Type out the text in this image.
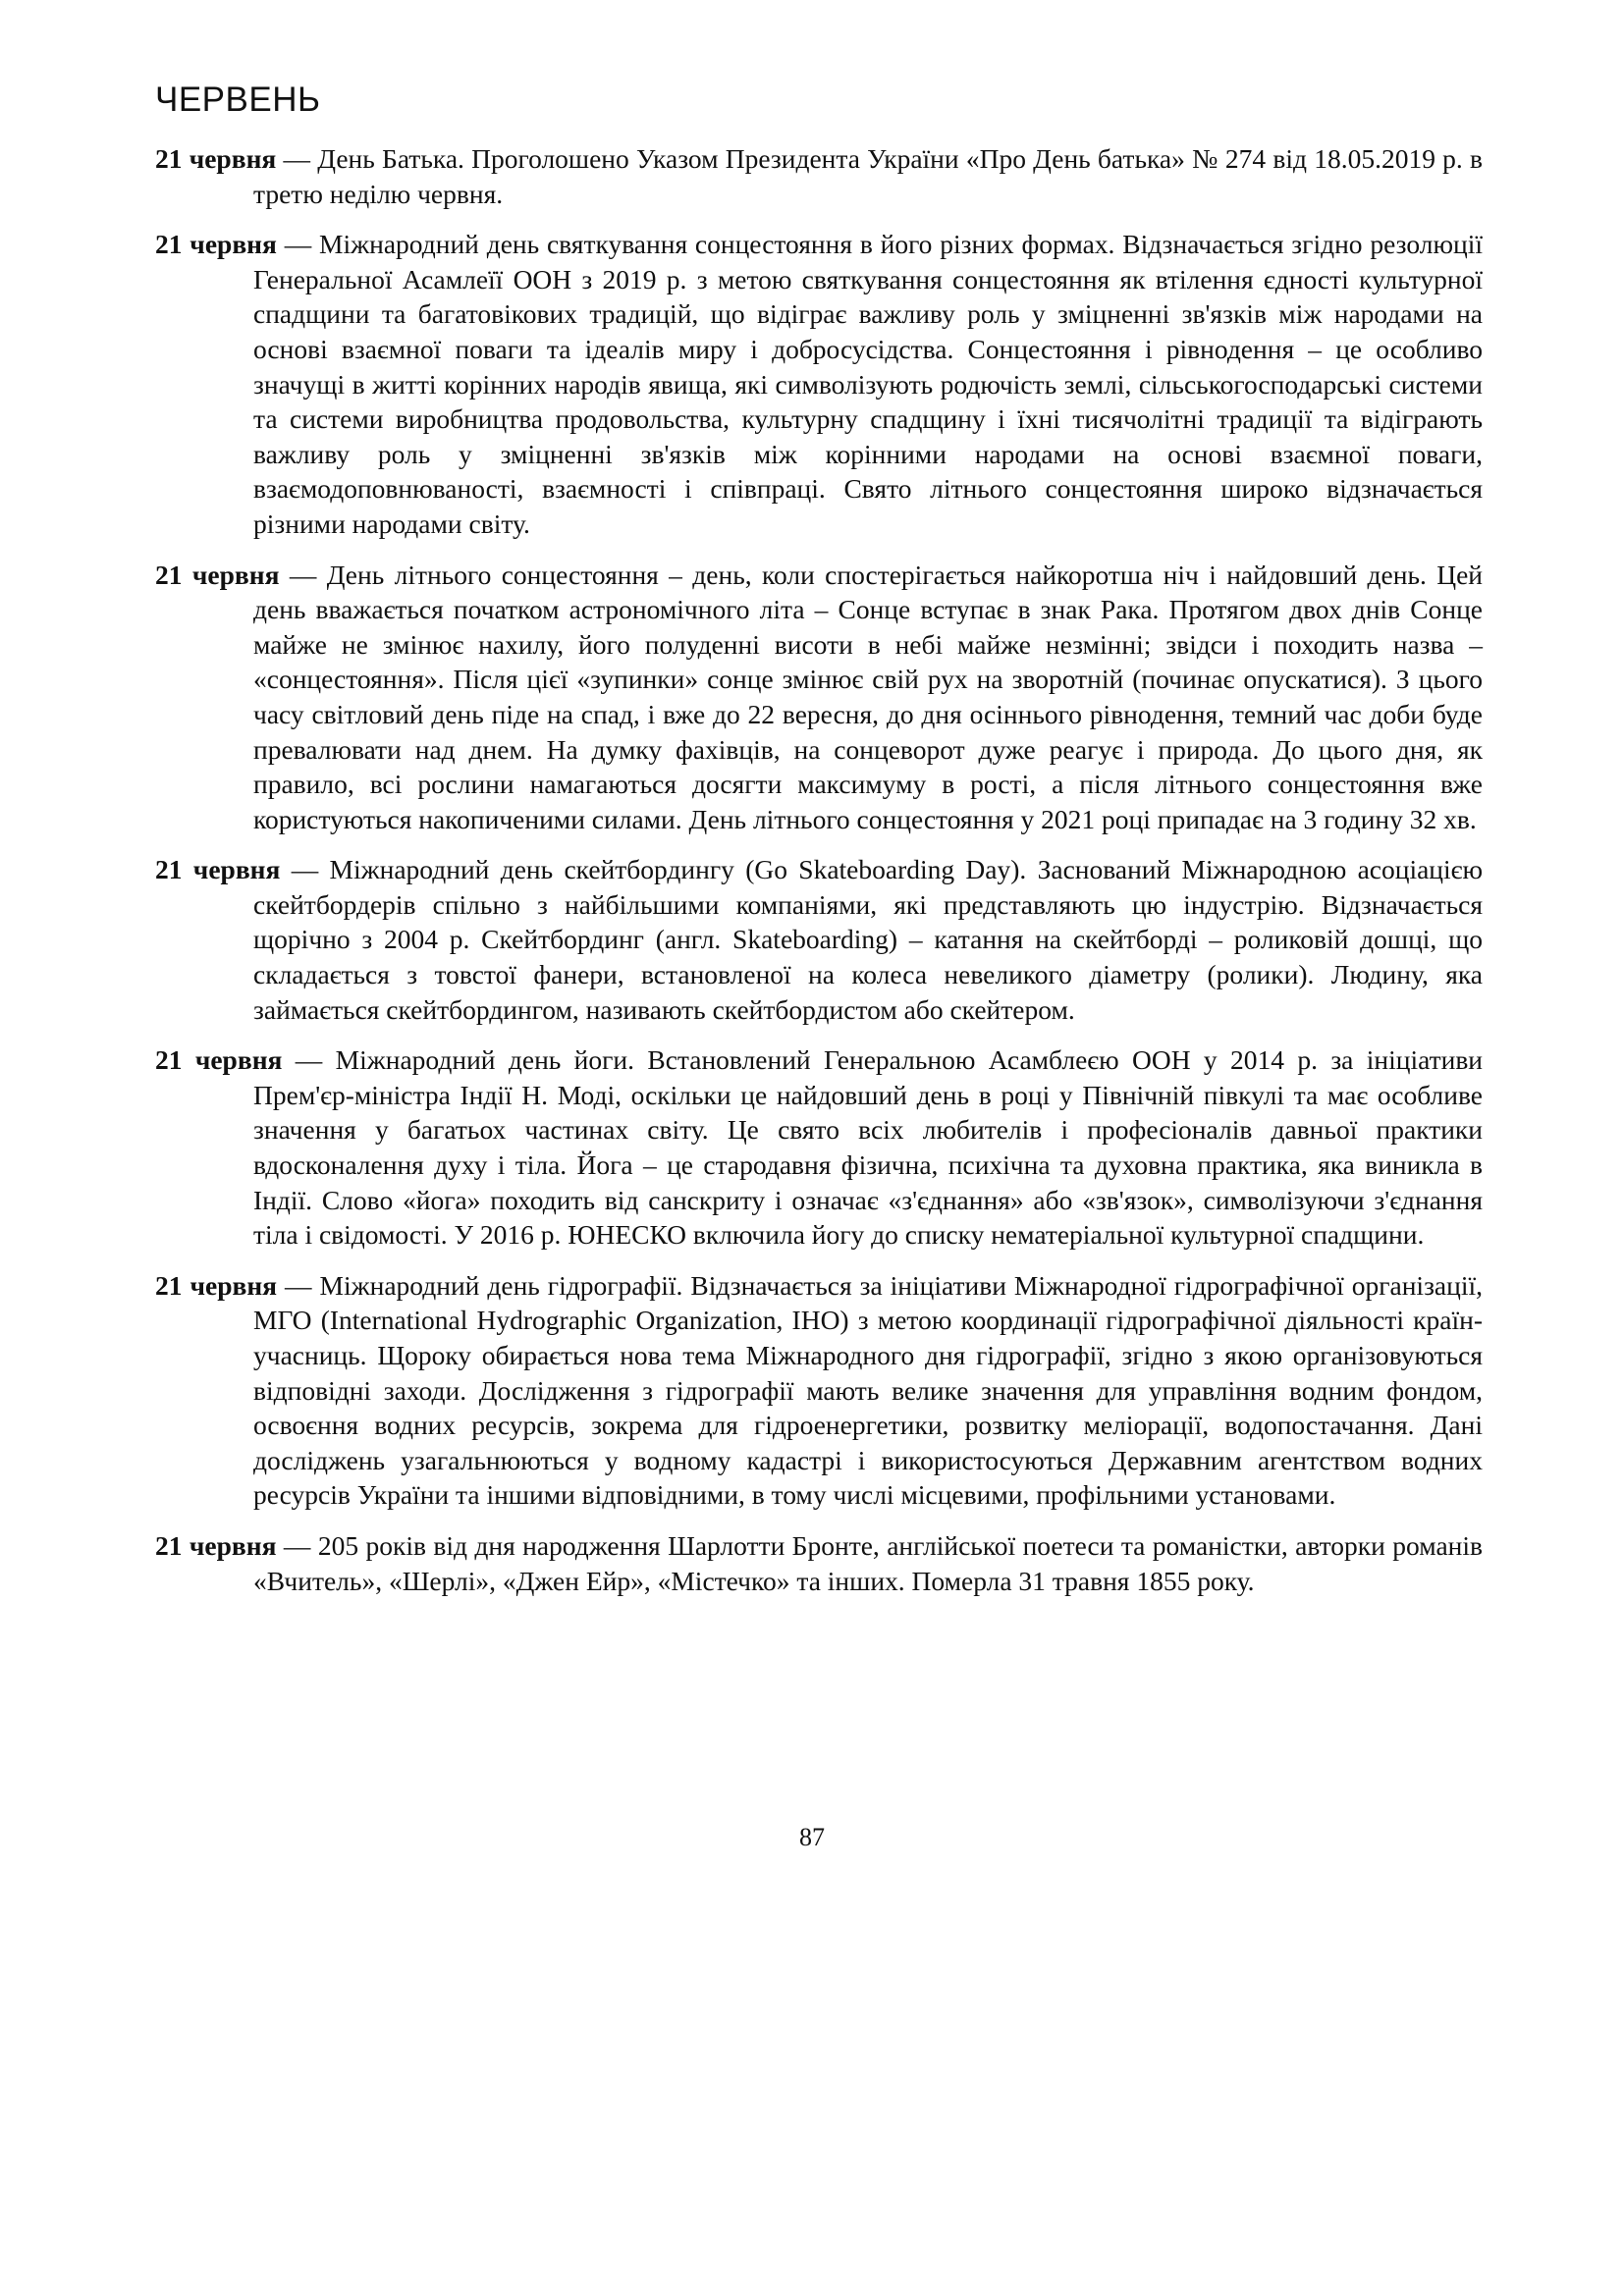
ЧЕРВЕНЬ

21 червня — День Батька. Проголошено Указом Президента України «Про День батька» № 274 від 18.05.2019 р. в третю неділю червня.

21 червня — Міжнародний день святкування сонцестояння в його різних формах. Відзначається згідно резолюції Генеральної Асамлеїї ООН з 2019 р. з метою святкування сонцестояння як втілення єдності культурної спадщини та багатовікових традицій, що відіграє важливу роль у зміцненні зв'язків між народами на основі взаємної поваги та ідеалів миру і добросусідства. Сонцестояння і рівнодення – це особливо значущі в житті корінних народів явища, які символізують родючість землі, сільськогосподарські системи та системи виробництва продовольства, культурну спадщину і їхні тисячолітні традиції та відіграють важливу роль у зміцненні зв'язків між корінними народами на основі взаємної поваги, взаємодоповнюваності, взаємності і співпраці. Свято літнього сонцестояння широко відзначається різними народами світу.

21 червня — День літнього сонцестояння – день, коли спостерігається найкоротша ніч і найдовший день. Цей день вважається початком астрономічного літа – Сонце вступає в знак Рака. Протягом двох днів Сонце майже не змінює нахилу, його полуденні висоти в небі майже незмінні; звідси і походить назва – «сонцестояння». Після цієї «зупинки» сонце змінює свій рух на зворотній (починає опускатися). З цього часу світловий день піде на спад, і вже до 22 вересня, до дня осіннього рівнодення, темний час доби буде превалювати над днем. На думку фахівців, на сонцеворот дуже реагує і природа. До цього дня, як правило, всі рослини намагаються досягти максимуму в рості, а після літнього сонцестояння вже користуються накопиченими силами. День літнього сонцестояння у 2021 році припадає на 3 годину 32 хв.

21 червня — Міжнародний день скейтбордингу (Go Skateboarding Day). Заснований Міжнародною асоціацією скейтбордерів спільно з найбільшими компаніями, які представляють цю індустрію. Відзначається щорічно з 2004 р. Скейтбординг (англ. Skateboarding) – катання на скейтборді – роликовій дошці, що складається з товстої фанери, встановленої на колеса невеликого діаметру (ролики). Людину, яка займається скейтбордингом, називають скейтбордистом або скейтером.

21 червня — Міжнародний день йоги. Встановлений Генеральною Асамблеєю ООН у 2014 р. за ініціативи Прем'єр-міністра Індії Н. Моді, оскільки це найдовший день в році у Північній півкулі та має особливе значення у багатьох частинах світу. Це свято всіх любителів і професіоналів давньої практики вдосконалення духу і тіла. Йога – це стародавня фізична, психічна та духовна практика, яка виникла в Індії. Слово «йога» походить від санскриту і означає «з'єднання» або «зв'язок», символізуючи з'єднання тіла і свідомості. У 2016 р. ЮНЕСКО включила йогу до списку нематеріальної культурної спадщини.

21 червня — Міжнародний день гідрографії. Відзначається за ініціативи Міжнародної гідрографічної організації, МГО (International Hydrographic Organization, IHO) з метою координації гідрографічної діяльності країн-учасниць. Щороку обирається нова тема Міжнародного дня гідрографії, згідно з якою організовуються відповідні заходи. Дослідження з гідрографії мають велике значення для управління водним фондом, освоєння водних ресурсів, зокрема для гідроенергетики, розвитку меліорації, водопостачання. Дані досліджень узагальнюються у водному кадастрі і використосуються Державним агентством водних ресурсів України та іншими відповідними, в тому числі місцевими, профільними установами.

21 червня — 205 років від дня народження Шарлотти Бронте, англійської поетеси та романістки, авторки романів «Вчитель», «Шерлі», «Джен Ейр», «Містечко» та інших. Померла 31 травня 1855 року.

87
